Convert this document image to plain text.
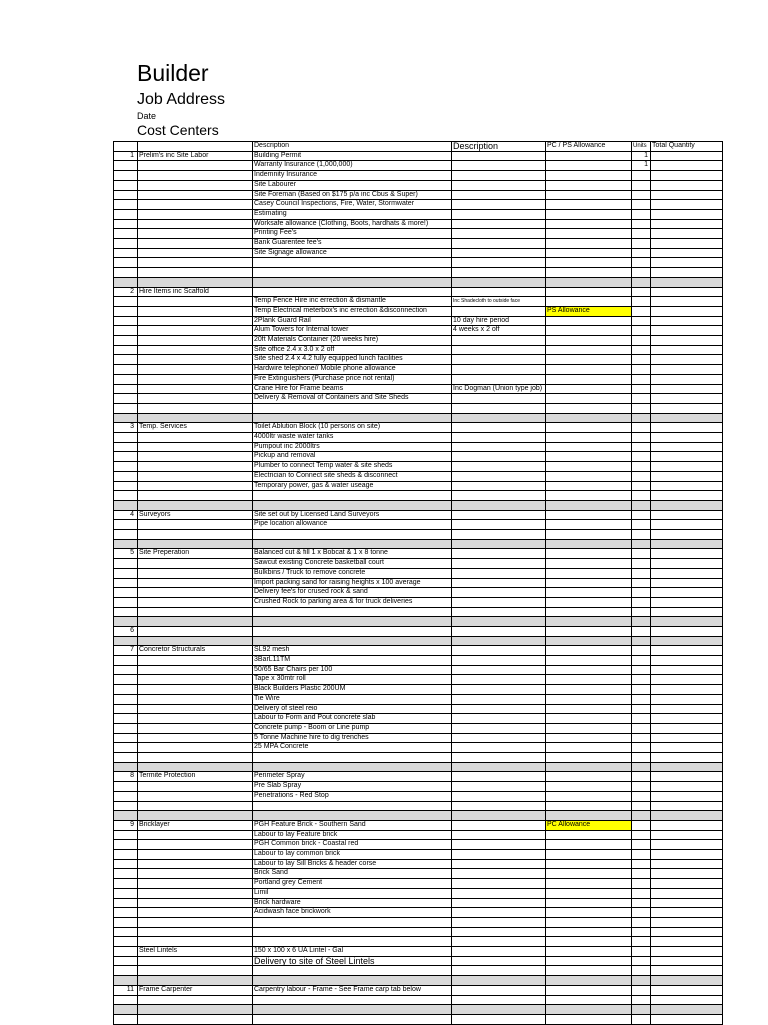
Builder
Job Address
Date
Cost Centers
		Description	Description	PC / PS Allowance	Units	Total Quantity
1	Prelim's inc Site Labor	Building Permit			1	
		Warranty Insurance (1,000,000)			1	
		Indemnity Insurance				
		Site Labourer				
		Site Foreman (Based on $175 p/a inc Cbus & Super)				
		Casey Council Inspections, Fire, Water, Stormwater				
		Estimating				
		Worksafe allowance (Clothing, Boots, hardhats & more!)				
		Printing Fee's				
		Bank Guarentee fee's				
		Site Signage allowance				

2	Hire Items inc Scaffold					
		Temp Fence Hire inc errection & dismantle	Inc Shadecloth to outside face			
		Temp Electrical meterbox's inc errection &disconnection		PS Allowance		
		2Plank Guard Rail	10 day hire period			
		Alum Towers for Internal tower	4 weeks x 2 off			
		20ft Materials Container (20 weeks hire)				
		Site office 2.4 x 3.0 x 2 off				
		Site shed 2.4 x 4.2 fully equipped lunch facilities				
		Hardwire telephone// Mobile phone allowance				
		Fire Extinguishers (Purchase price not rental)				
		Crane Hire for Frame beams	Inc Dogman (Union type job)			
		Delivery & Removal of Containers and Site Sheds				

3	Temp. Services	Toilet Ablution Block (10 persons on site)				
		4000ltr waste water tanks				
		Pumpout inc 2000ltrs				
		Pickup and removal				
		Plumber to connect Temp water & site sheds				
		Electrician to Connect site sheds & disconnect				
		Temporary power, gas & water useage				

4	Surveyors	Site set out by Licensed Land Surveyors				
		Pipe location allowance				

5	Site Preperation	Balanced cut & fill 1 x Bobcat & 1 x 8 tonne				
		Sawcut existing Concrete basketball court				
		Bulkbins / Truck to remove concrete				
		Import packing sand for raising heights x 100 average				
		Delivery fee's for crused rock & sand				
		Crushed Rock to parking area & for truck deliveries				

6						

7	Concretor Structurals	SL92 mesh				
		3BarL11TM				
		50/65 Bar Chairs per 100				
		Tape x 30mtr roll				
		Black Builders Plastic 200UM				
		Tie Wire				
		Delivery of steel reio				
		Labour to Form and Pout concrete slab				
		Concrete pump - Boom or Line pump				
		5 Tonne Machine hire to dig trenches				
		25 MPA Concrete				

8	Termite Protection	Perimeter Spray				
		Pre Slab Spray				
		Penetrations - Red Stop				

9	Bricklayer	PGH Feature Brick - Southern Sand		PC Allowance		
		Labour to lay Feature brick				
		PGH Common brick - Coastal red				
		Labour to lay common brick				
		Labour to lay Sill Bricks & header corse				
		Brick Sand				
		Portland grey Cement				
		Limil				
		Brick hardware				
		Acidwash face brickwork				

	Steel Lintels	150 x 100 x 6 UA Lintel - Gal				
		Delivery to site of Steel Lintels				

11	Frame Carpenter	Carpentry labour - Frame - See Frame carp tab below				
